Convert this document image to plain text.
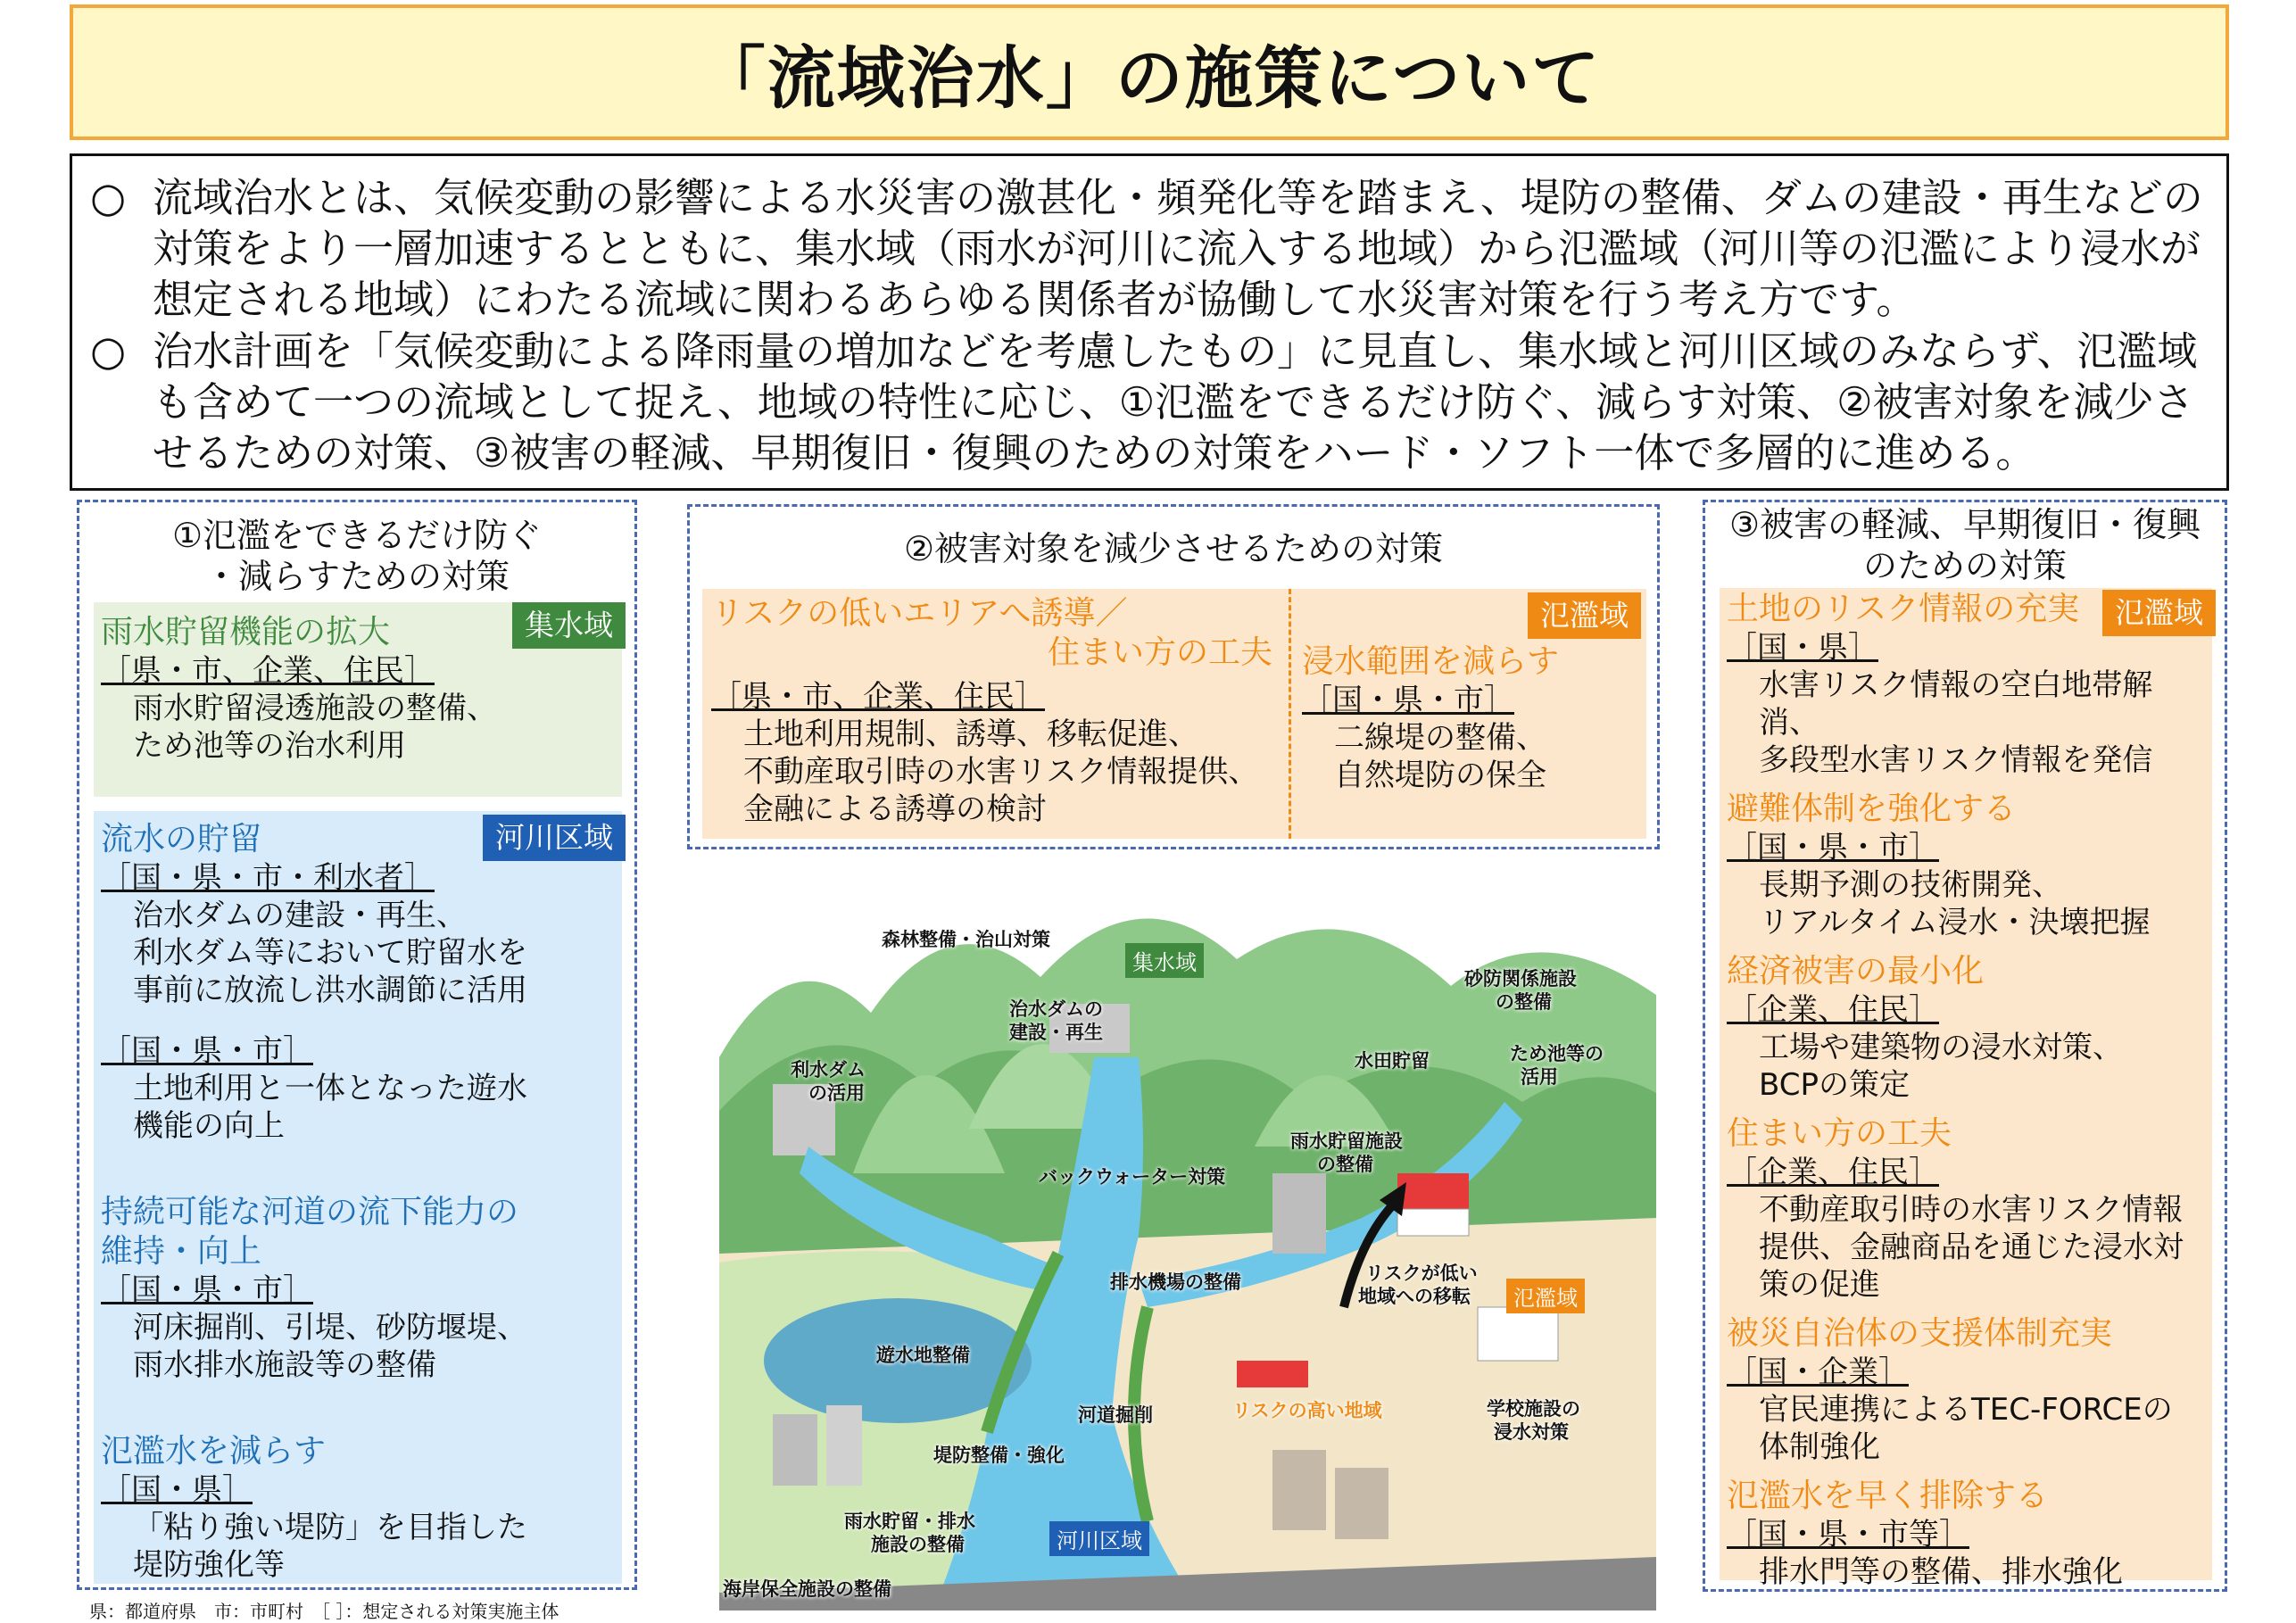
「流域治水」の施策について
○ 流域治水とは、気候変動の影響による水災害の激甚化・頻発化等を踏まえ、堤防の整備、ダムの建設・再生などの対策をより一層加速するとともに、集水域（雨水が河川に流入する地域）から氾濫域（河川等の氾濫により浸水が想定される地域）にわたる流域に関わるあらゆる関係者が協働して水災害対策を行う考え方です。
○ 治水計画を「気候変動による降雨量の増加などを考慮したもの」に見直し、集水域と河川区域のみならず、氾濫域も含めて一つの流域として捉え、地域の特性に応じ、①氾濫をできるだけ防ぐ、減らす対策、②被害対象を減少させるための対策、③被害の軽減、早期復旧・復興のための対策をハード・ソフト一体で多層的に進める。
①氾濫をできるだけ防ぐ
・減らすための対策
集水域
雨水貯留機能の拡大
［県・市、企業、住民］
雨水貯留浸透施設の整備、
ため池等の治水利用
河川区域
流水の貯留
［国・県・市・利水者］
治水ダムの建設・再生、
利水ダム等において貯留水を
事前に放流し洪水調節に活用
［国・県・市］
土地利用と一体となった遊水
機能の向上
持続可能な河道の流下能力の
維持・向上
［国・県・市］
河床掘削、引堤、砂防堰堤、
雨水排水施設等の整備
氾濫水を減らす
［国・県］
「粘り強い堤防」を目指した
堤防強化等
②被害対象を減少させるための対策
氾濫域
リスクの低いエリアへ誘導／
住まい方の工夫
［県・市、企業、住民］
土地利用規制、誘導、移転促進、
不動産取引時の水害リスク情報提供、
金融による誘導の検討
浸水範囲を減らす
［国・県・市］
二線堤の整備、
自然堤防の保全
③被害の軽減、早期復旧・復興
のための対策
氾濫域
土地のリスク情報の充実
［国・県］
水害リスク情報の空白地帯解消、
多段型水害リスク情報を発信
避難体制を強化する
［国・県・市］
長期予測の技術開発、
リアルタイム浸水・決壊把握
経済被害の最小化
［企業、住民］
工場や建築物の浸水対策、
BCPの策定
住まい方の工夫
［企業、住民］
不動産取引時の水害リスク情報
提供、金融商品を通じた浸水対
策の促進
被災自治体の支援体制充実
［国・企業］
官民連携によるTEC-FORCEの
体制強化
氾濫水を早く排除する
［国・県・市等］
排水門等の整備、排水強化
森林整備・治山対策
集水域
砂防関係施設
の整備
治水ダムの
建設・再生
水田貯留	ため池等の
活用
利水ダム
の活用
雨水貯留施設
の整備
バックウォーター対策
排水機場の整備	リスクが低い
地域への移転	氾濫域
遊水地整備
河道掘削	リスクの高い地域	学校施設の
浸水対策
堤防整備・強化
雨水貯留・排水
施設の整備	河川区域
海岸保全施設の整備
県：都道府県　市：市町村　［ ］：想定される対策実施主体
